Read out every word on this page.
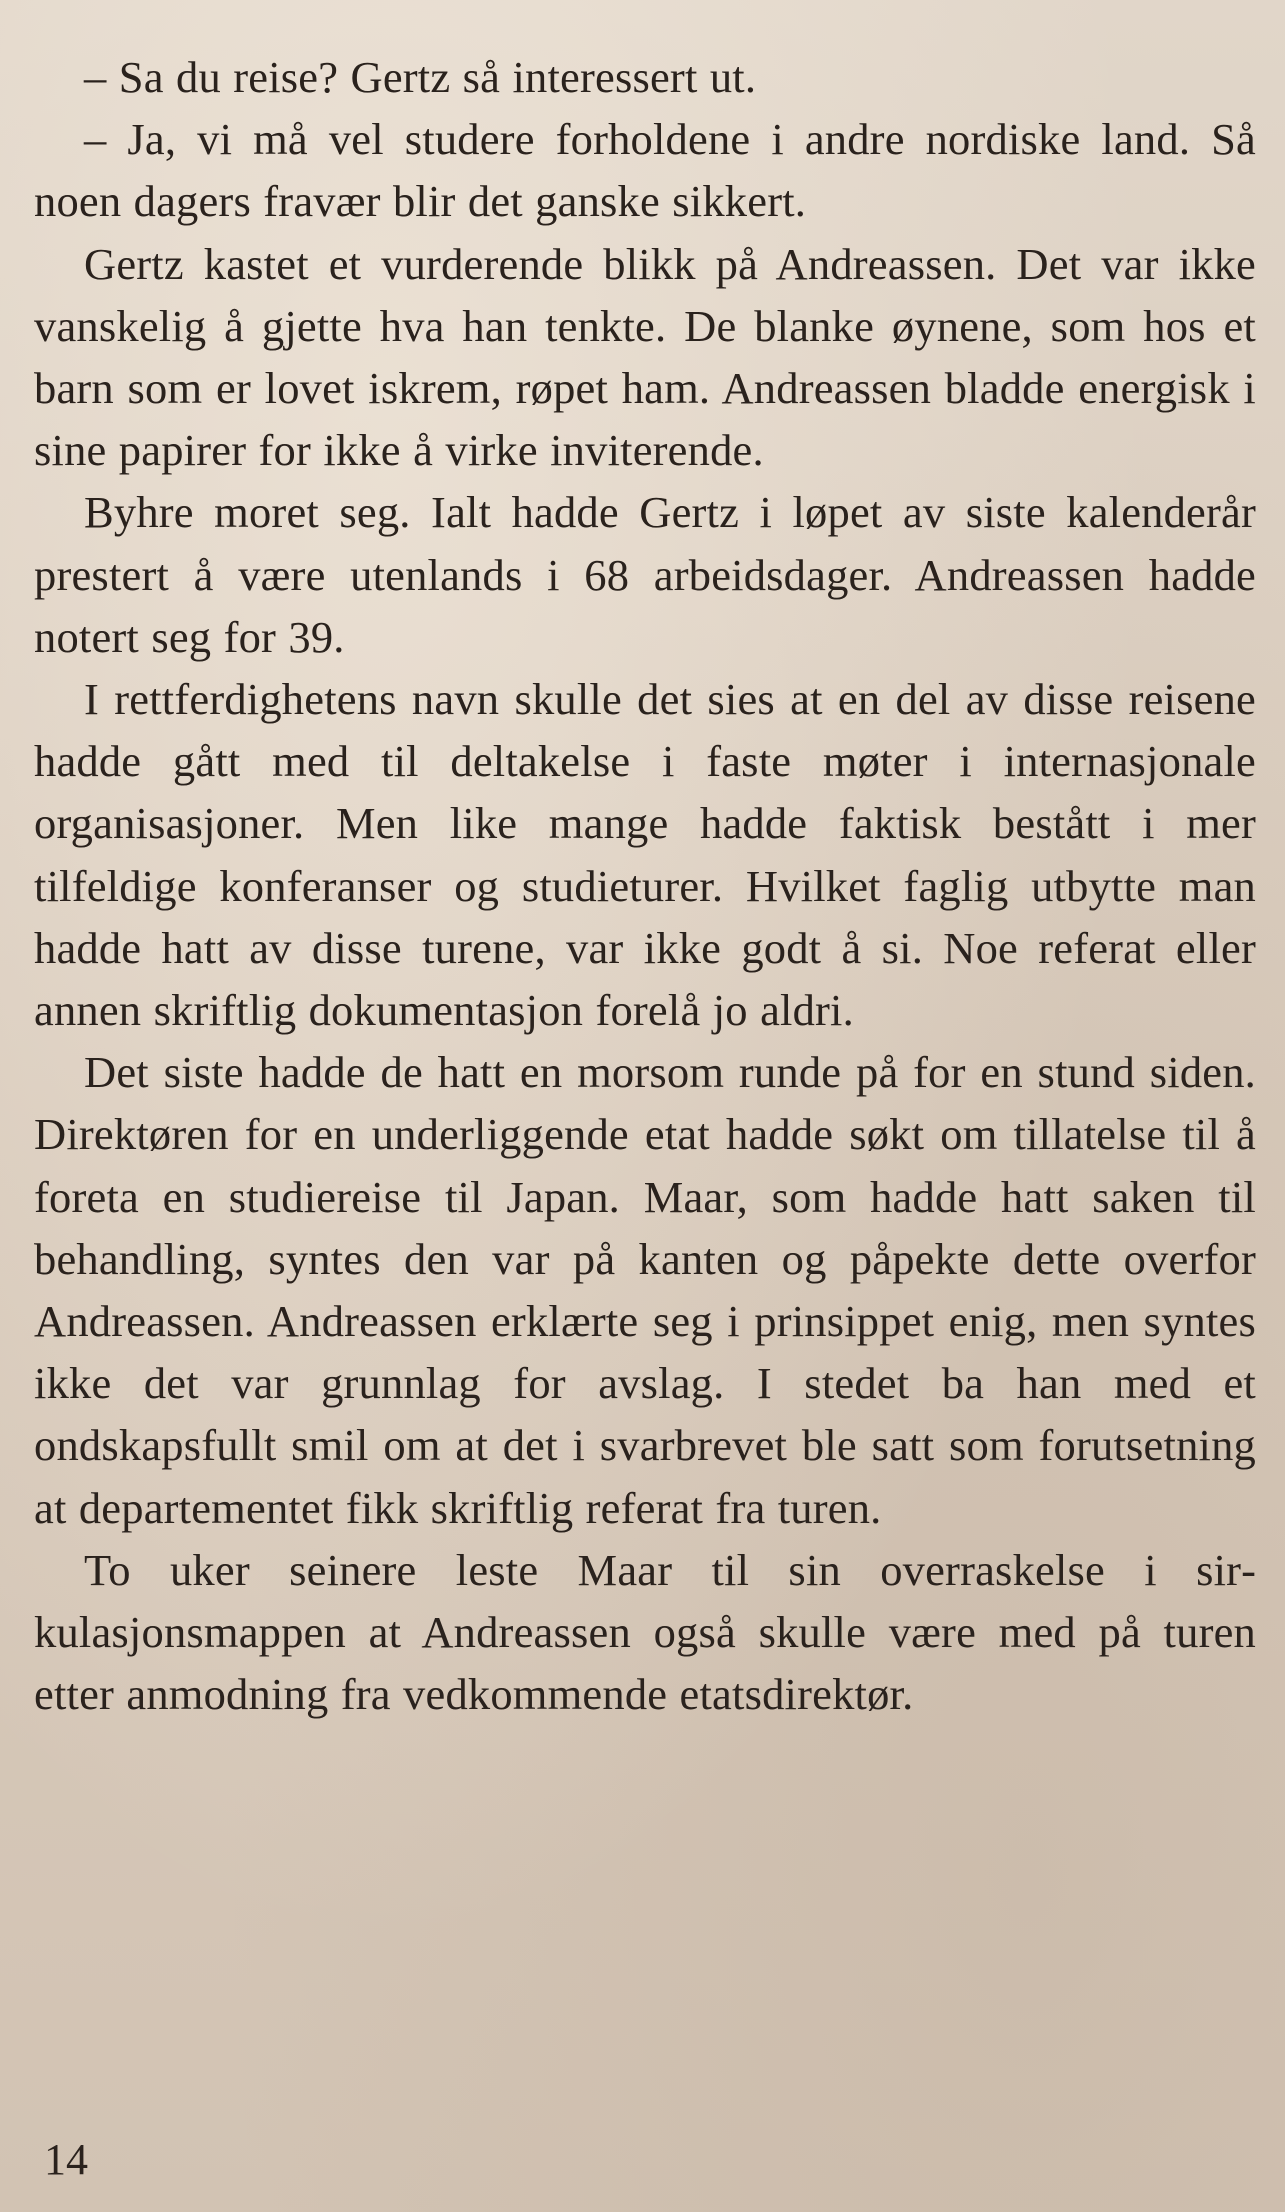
– Sa du reise? Gertz så interessert ut.

– Ja, vi må vel studere forholdene i andre nordiske land. Så noen dagers fravær blir det ganske sikkert.

Gertz kastet et vurderende blikk på Andreassen. Det var ikke vanskelig å gjette hva han tenkte. De blanke øynene, som hos et barn som er lovet iskrem, røpet ham. Andreassen bladde energisk i sine papirer for ikke å virke inviterende.

Byhre moret seg. Ialt hadde Gertz i løpet av siste kalenderår prestert å være utenlands i 68 arbeidsdager. Andreassen hadde notert seg for 39.

I rettferdighetens navn skulle det sies at en del av disse reisene hadde gått med til deltakelse i faste møter i internasjonale organisasjoner. Men like mange hadde faktisk bestått i mer tilfeldige konferanser og studieturer. Hvilket faglig utbytte man hadde hatt av disse turene, var ikke godt å si. Noe referat eller annen skriftlig dokumentasjon forelå jo aldri.

Det siste hadde de hatt en morsom runde på for en stund siden. Direktøren for en underliggende etat hadde søkt om tillatelse til å foreta en studiereise til Japan. Maar, som hadde hatt saken til behandling, syntes den var på kanten og påpekte dette overfor Andreassen. Andreassen erklærte seg i prinsippet enig, men syntes ikke det var grunnlag for avslag. I stedet ba han med et ondskapsfullt smil om at det i svarbrevet ble satt som forutsetning at departementet fikk skriftlig referat fra turen.

To uker seinere leste Maar til sin overraskelse i sirkulasjonsmappen at Andreassen også skulle være med på turen etter anmodning fra vedkommende etatsdirektør.

14
